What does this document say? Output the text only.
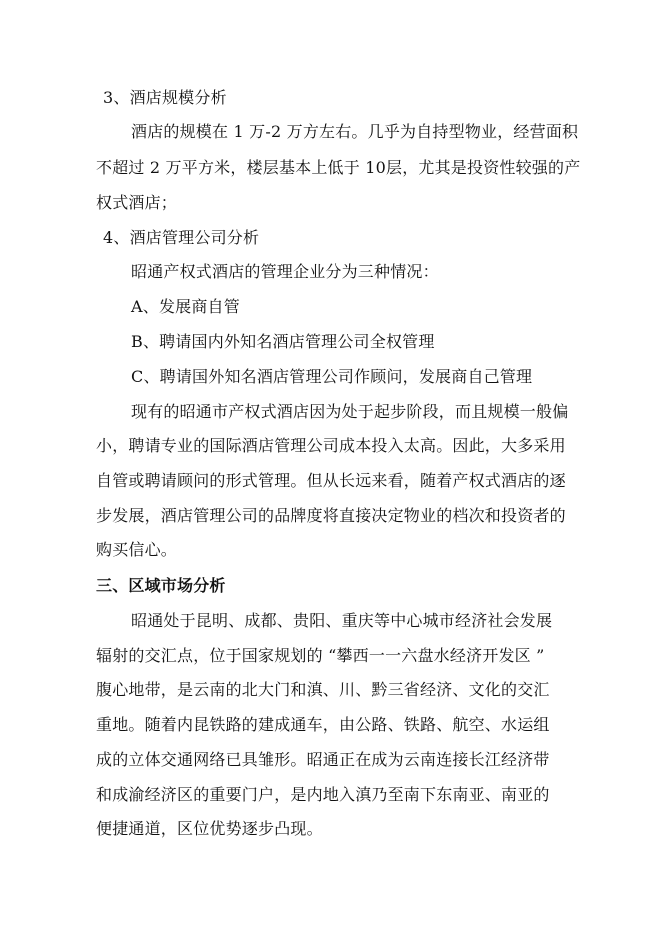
3、酒店规模分析
酒店的规模在 1 万-2 万方左右。几乎为自持型物业，经营面积
不超过 2 万平方米，楼层基本上低于 10层，尤其是投资性较强的产
权式酒店；
4、酒店管理公司分析
昭通产权式酒店的管理企业分为三种情况：
A、发展商自管
B、聘请国内外知名酒店管理公司全权管理
C、聘请国外知名酒店管理公司作顾问，发展商自己管理
现有的昭通市产权式酒店因为处于起步阶段，而且规模一般偏
小，聘请专业的国际酒店管理公司成本投入太高。因此，大多采用
自管或聘请顾问的形式管理。但从长远来看，随着产权式酒店的逐
步发展，酒店管理公司的品牌度将直接决定物业的档次和投资者的
购买信心。
三、区域市场分析
昭通处于昆明、成都、贵阳、重庆等中心城市经济社会发展
辐射的交汇点，位于国家规划的 “攀西一一六盘水经济开发区 ”
腹心地带，是云南的北大门和滇、川、黔三省经济、文化的交汇
重地。随着内昆铁路的建成通车，由公路、铁路、航空、水运组
成的立体交通网络已具雏形。昭通正在成为云南连接长江经济带
和成渝经济区的重要门户，是内地入滇乃至南下东南亚、南亚的
便捷通道，区位优势逐步凸现。
